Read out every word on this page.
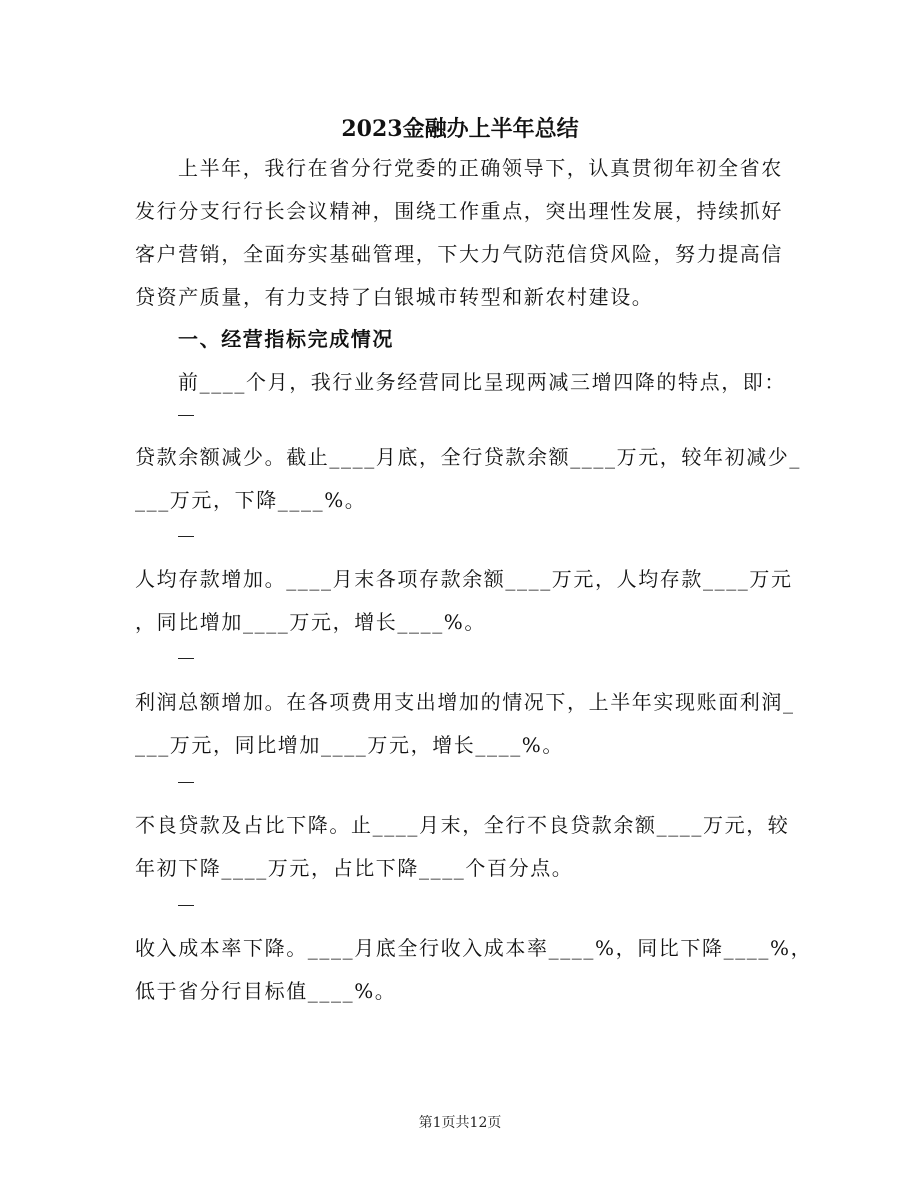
2023金融办上半年总结
上半年，我行在省分行党委的正确领导下，认真贯彻年初全省农
发行分支行行长会议精神，围绕工作重点，突出理性发展，持续抓好
客户营销，全面夯实基础管理，下大力气防范信贷风险，努力提高信
贷资产质量，有力支持了白银城市转型和新农村建设。
一、经营指标完成情况
前____个月，我行业务经营同比呈现两减三增四降的特点，即：
贷款余额减少。截止____月底，全行贷款余额____万元，较年初减少_
___万元，下降____%。
人均存款增加。____月末各项存款余额____万元，人均存款____万元
，同比增加____万元，增长____%。
利润总额增加。在各项费用支出增加的情况下，上半年实现账面利润_
___万元，同比增加____万元，增长____%。
不良贷款及占比下降。止____月末，全行不良贷款余额____万元，较
年初下降____万元，占比下降____个百分点。
收入成本率下降。____月底全行收入成本率____%，同比下降____%，
低于省分行目标值____%。
第1页共12页
